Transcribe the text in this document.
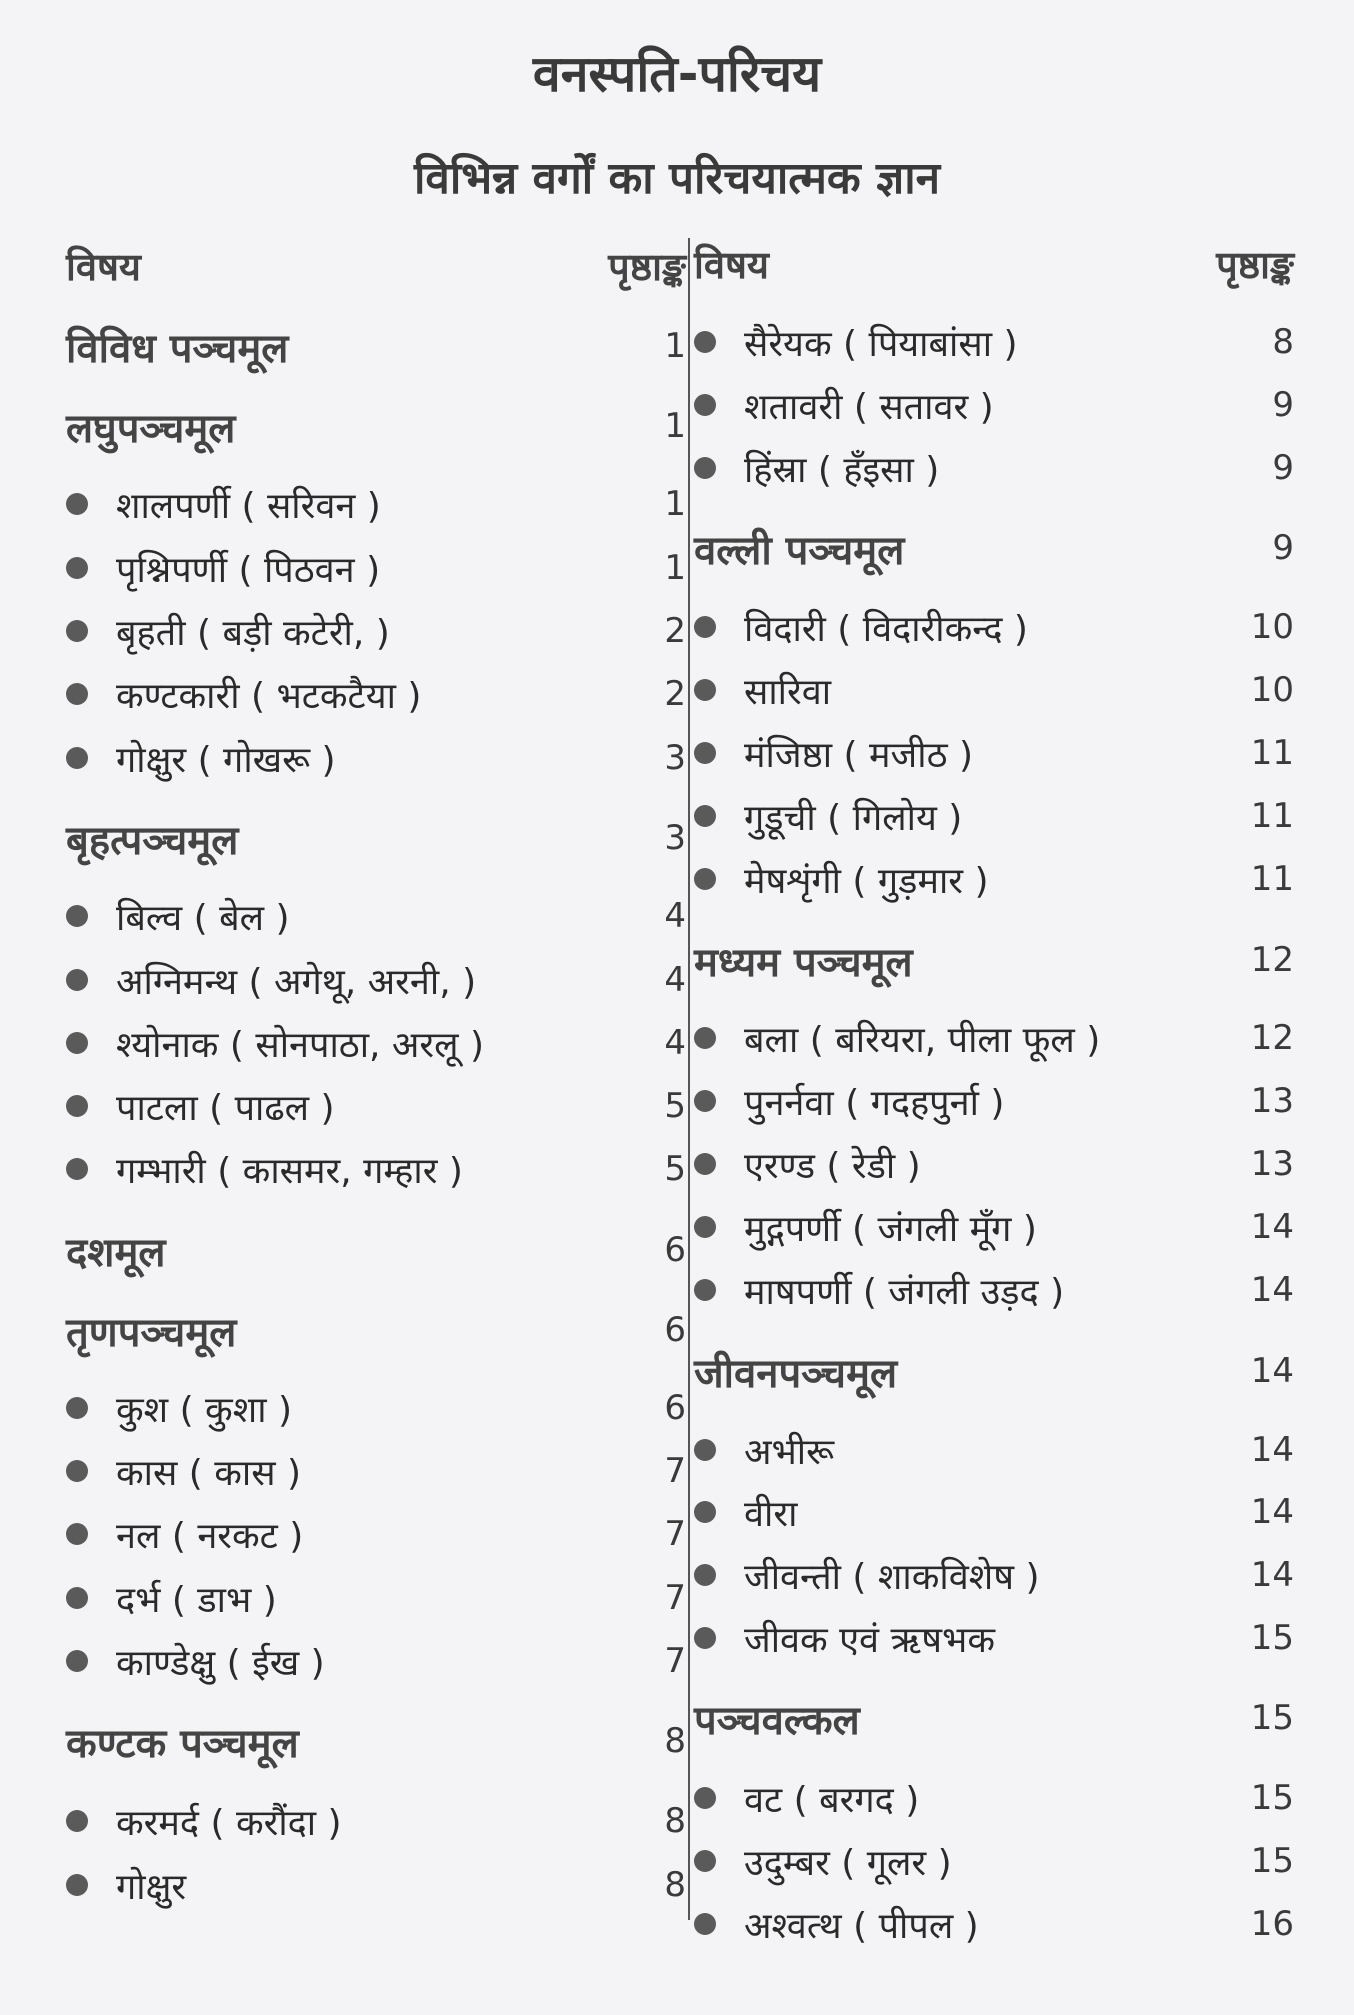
वनस्पति-परिचय
विभिन्न वर्गों का परिचयात्मक ज्ञान
विषय	पृष्ठाङ्क
विविध पञ्चमूल	1
लघुपञ्चमूल	1
शालपर्णी ( सरिवन )	1
पृश्निपर्णी ( पिठवन )	1
बृहती ( बड़ी कटेरी, )	2
कण्टकारी ( भटकटैया )	2
गोक्षुर ( गोखरू )	3
बृहत्पञ्चमूल	3
बिल्व ( बेल )	4
अग्निमन्थ ( अगेथू, अरनी, )	4
श्योनाक ( सोनपाठा, अरलू )	4
पाटला ( पाढल )	5
गम्भारी ( कासमर, गम्हार )	5
दशमूल	6
तृणपञ्चमूल	6
कुश ( कुशा )	6
कास ( कास )	7
नल ( नरकट )	7
दर्भ ( डाभ )	7
काण्डेक्षु ( ईख )	7
कण्टक पञ्चमूल	8
करमर्द ( करौंदा )	8
गोक्षुर	8
विषय	पृष्ठाङ्क
सैरेयक ( पियाबांसा )	8
शतावरी ( सतावर )	9
हिंस्रा ( हँइसा )	9
वल्ली पञ्चमूल	9
विदारी ( विदारीकन्द )	10
सारिवा	10
मंजिष्ठा ( मजीठ )	11
गुडूची ( गिलोय )	11
मेषशृंगी ( गुड़मार )	11
मध्यम पञ्चमूल	12
बला ( बरियरा, पीला फूल )	12
पुनर्नवा ( गदहपुर्ना )	13
एरण्ड ( रेडी )	13
मुद्गपर्णी ( जंगली मूँग )	14
माषपर्णी ( जंगली उड़द )	14
जीवनपञ्चमूल	14
अभीरू	14
वीरा	14
जीवन्ती ( शाकविशेष )	14
जीवक एवं ऋषभक	15
पञ्चवल्कल	15
वट ( बरगद )	15
उदुम्बर ( गूलर )	15
अश्वत्थ ( पीपल )	16
